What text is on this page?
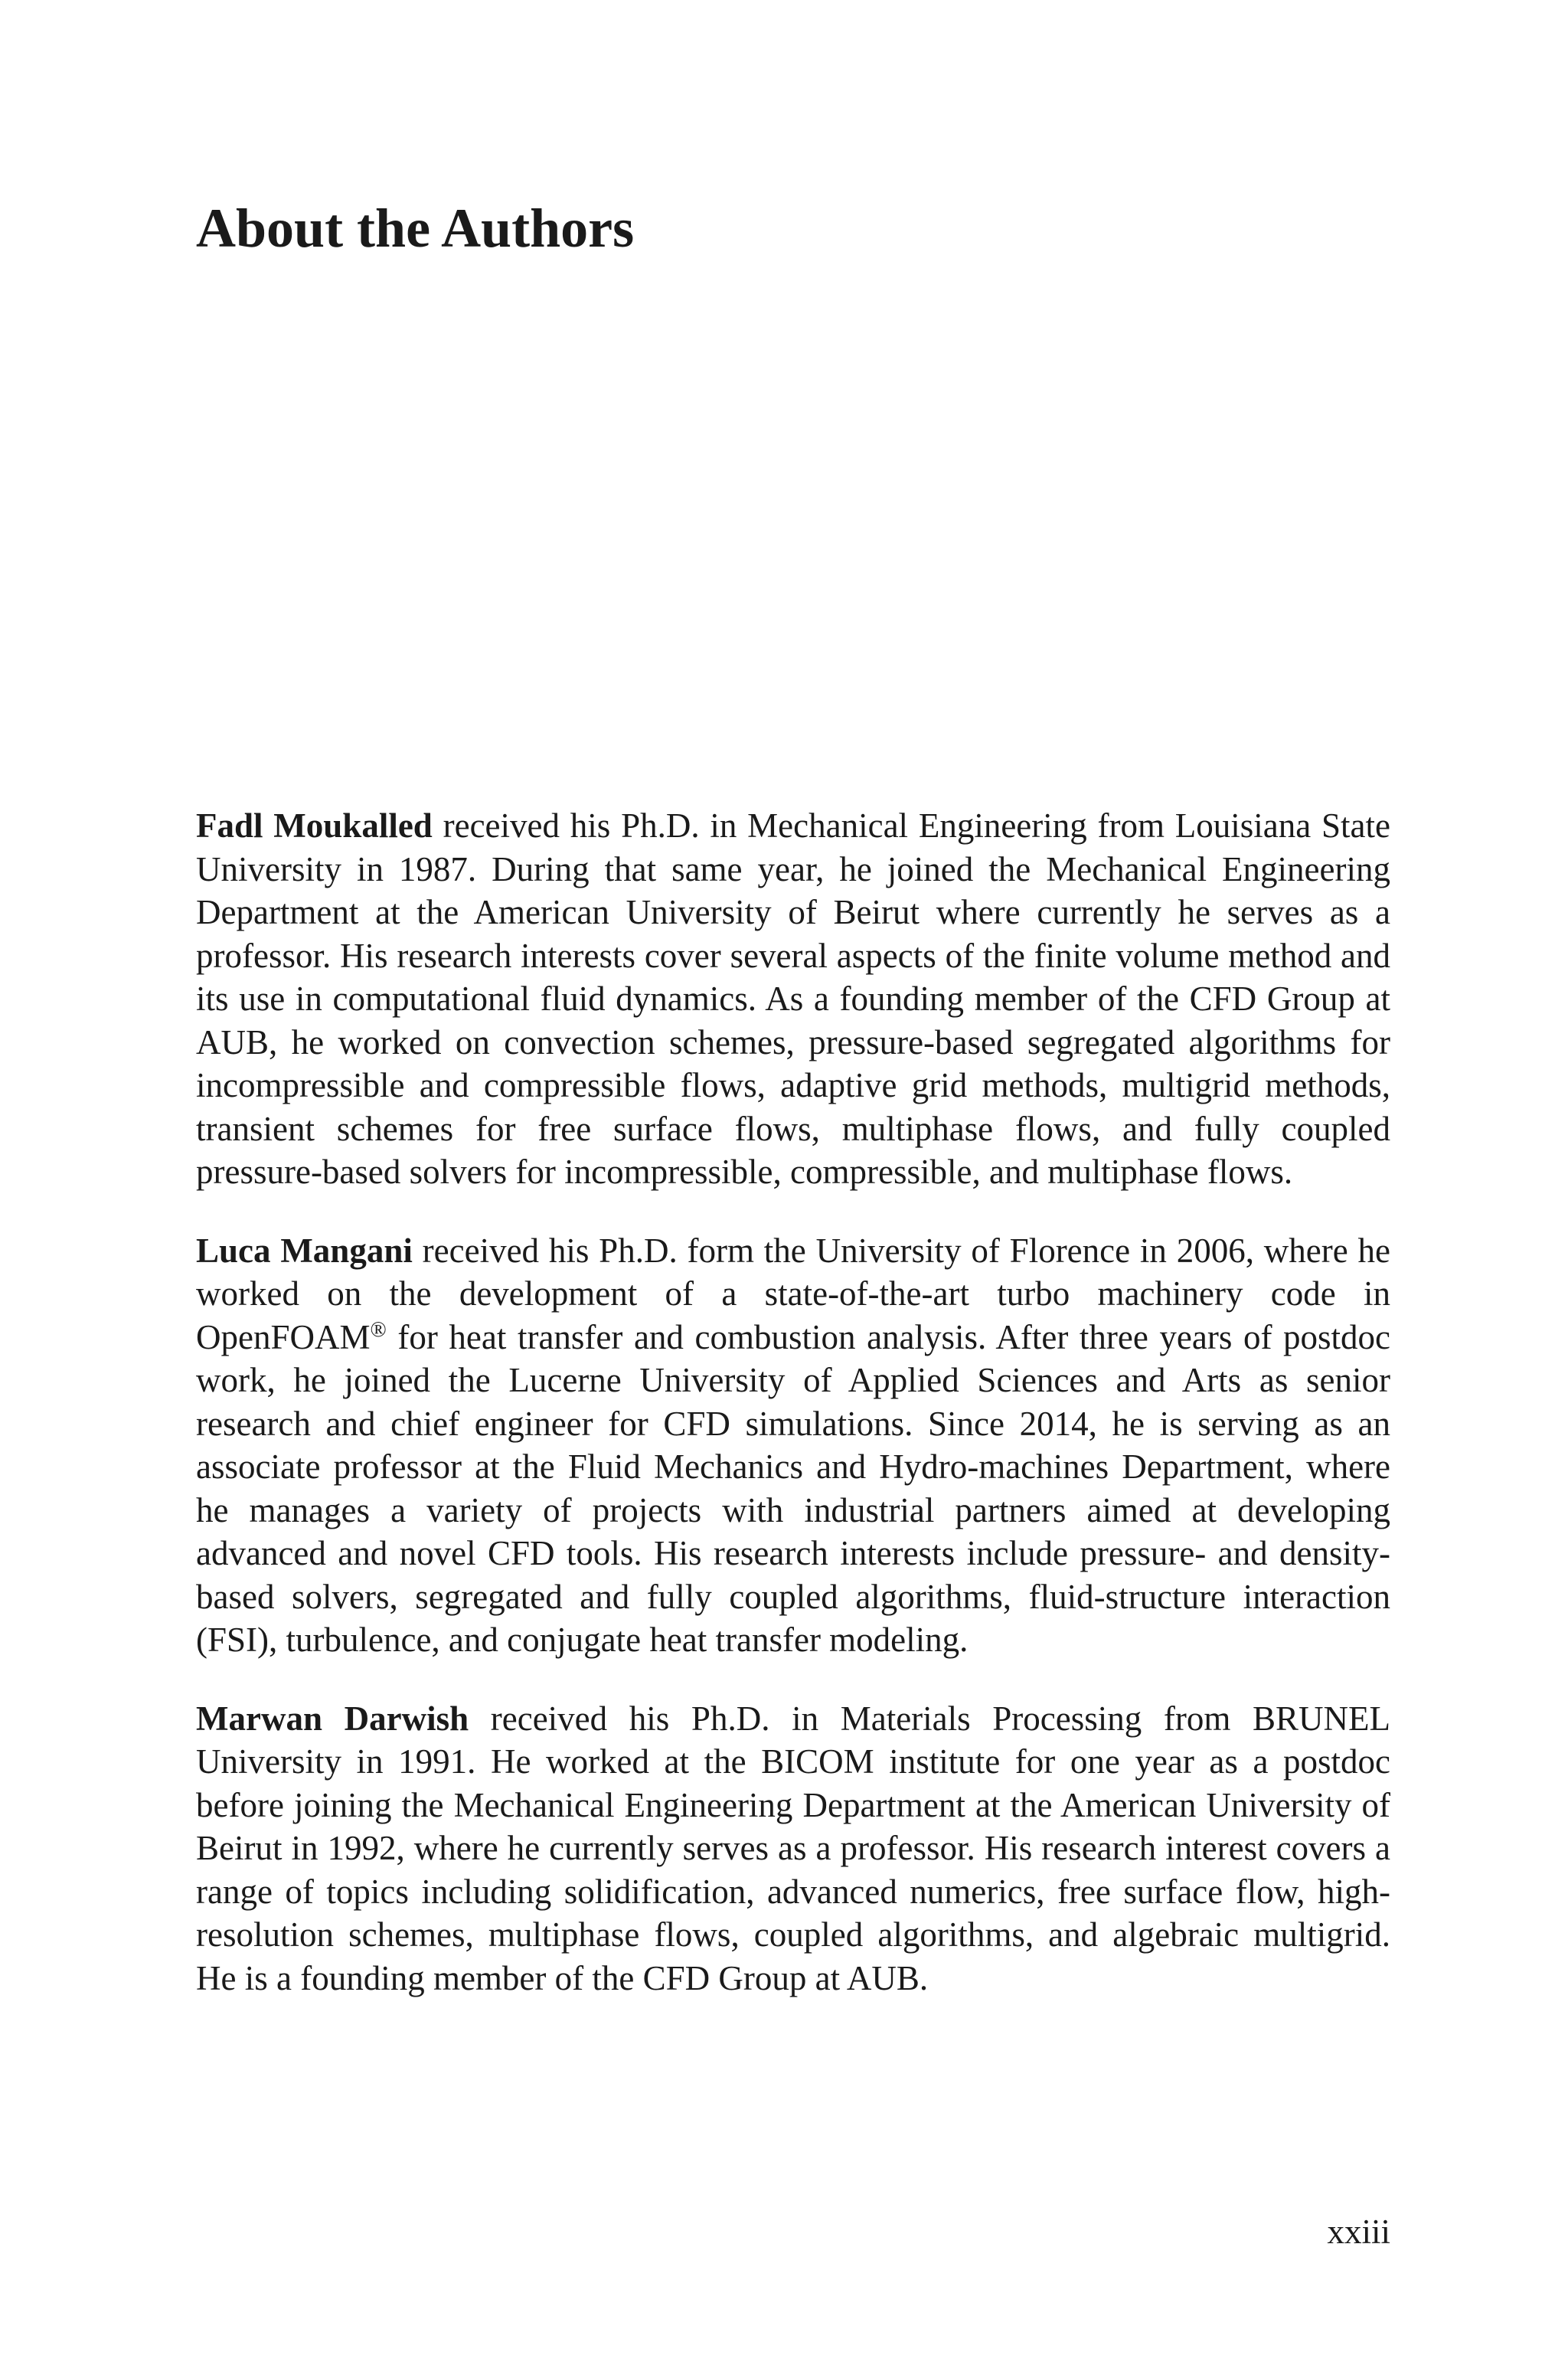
About the Authors

Fadl Moukalled received his Ph.D. in Mechanical Engineering from Louisiana State University in 1987. During that same year, he joined the Mechanical Engineering Department at the American University of Beirut where currently he serves as a professor. His research interests cover several aspects of the finite volume method and its use in computational fluid dynamics. As a founding member of the CFD Group at AUB, he worked on convection schemes, pressure-based segregated algorithms for incompressible and compressible flows, adaptive grid methods, multigrid methods, transient schemes for free surface flows, multiphase flows, and fully coupled pressure-based solvers for incompressible, compressible, and multiphase flows.

Luca Mangani received his Ph.D. form the University of Florence in 2006, where he worked on the development of a state-of-the-art turbo machinery code in OpenFOAM® for heat transfer and combustion analysis. After three years of postdoc work, he joined the Lucerne University of Applied Sciences and Arts as senior research and chief engineer for CFD simulations. Since 2014, he is serving as an associate professor at the Fluid Mechanics and Hydro-machines Department, where he manages a variety of projects with industrial partners aimed at developing advanced and novel CFD tools. His research interests include pressure- and density-based solvers, segregated and fully coupled algorithms, fluid-structure interaction (FSI), turbulence, and conjugate heat transfer modeling.

Marwan Darwish received his Ph.D. in Materials Processing from BRUNEL University in 1991. He worked at the BICOM institute for one year as a postdoc before joining the Mechanical Engineering Department at the American University of Beirut in 1992, where he currently serves as a professor. His research interest covers a range of topics including solidification, advanced numerics, free surface flow, high-resolution schemes, multiphase flows, coupled algorithms, and algebraic multigrid. He is a founding member of the CFD Group at AUB.

xxiii
